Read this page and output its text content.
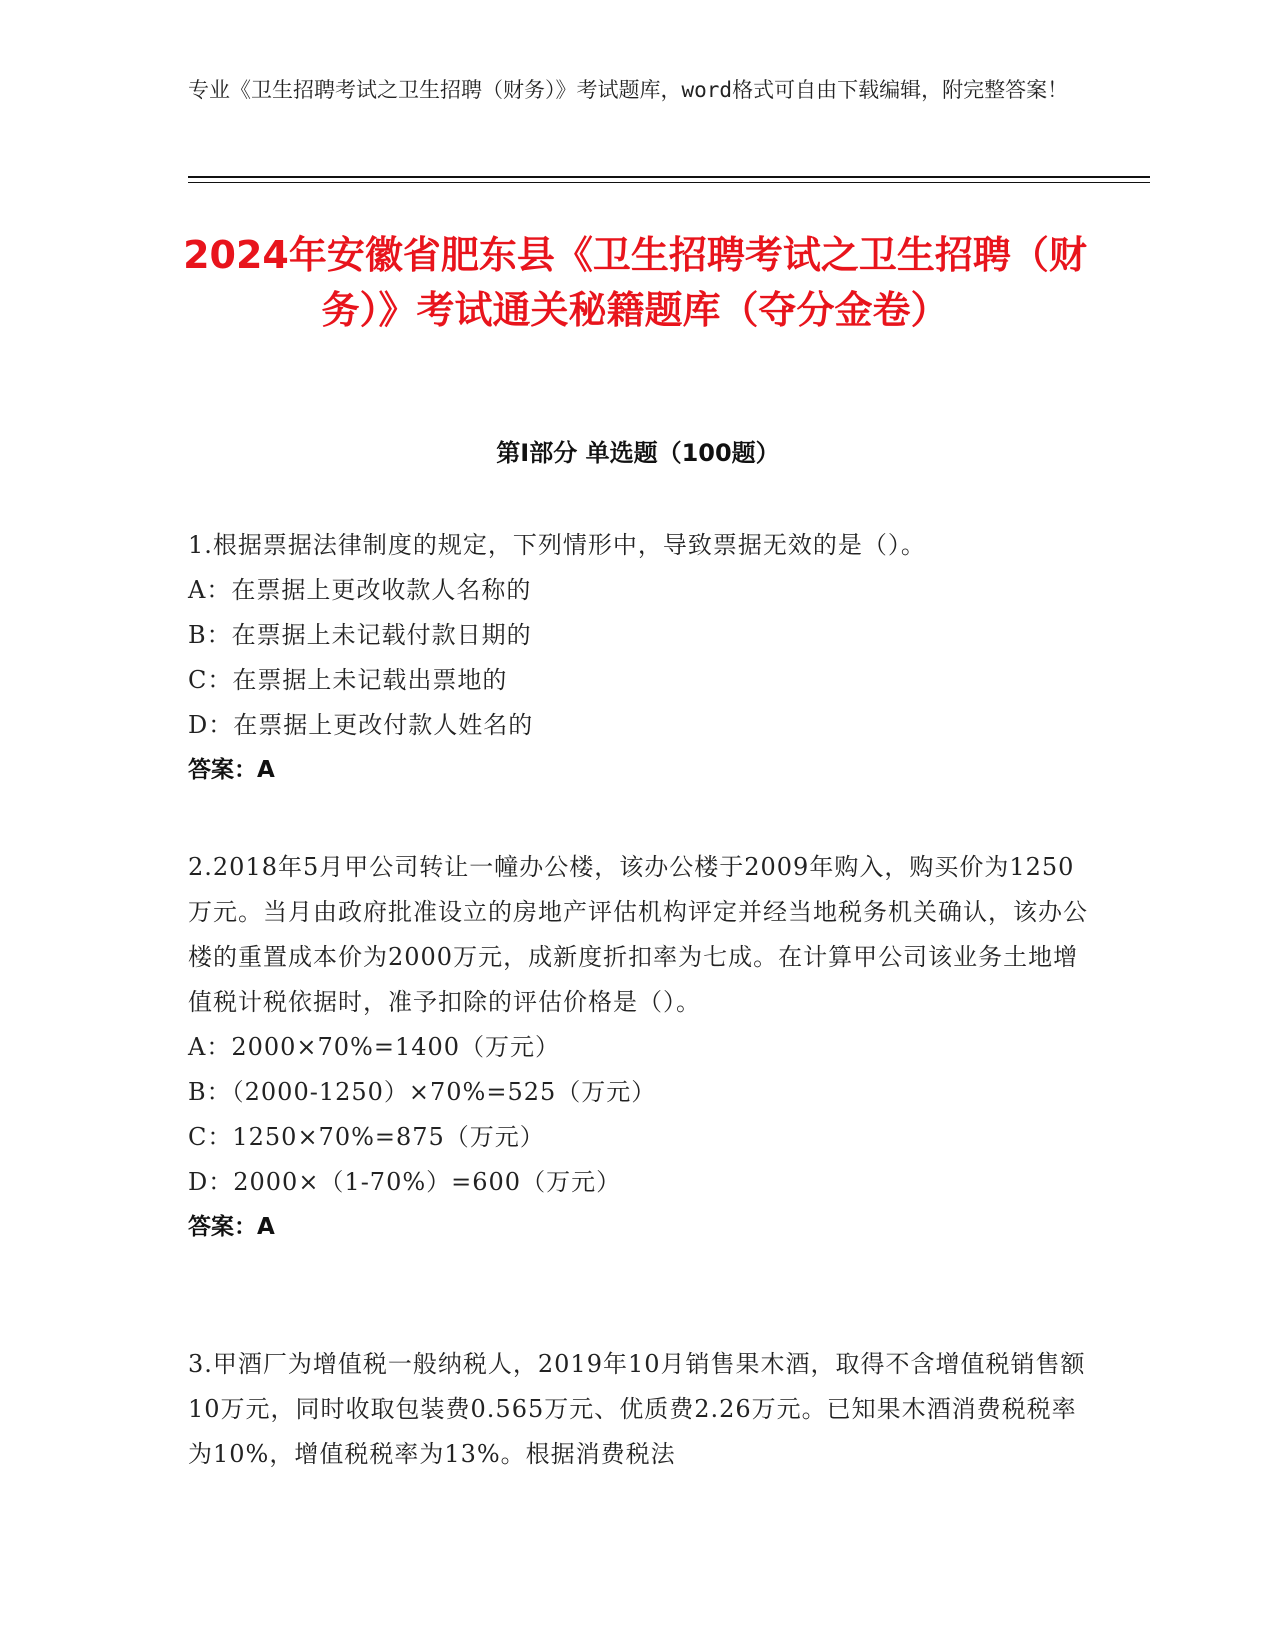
专业《卫生招聘考试之卫生招聘（财务）》考试题库，word格式可自由下载编辑，附完整答案！
2024年安徽省肥东县《卫生招聘考试之卫生招聘（财务）》考试通关秘籍题库（夺分金卷）
第Ⅰ部分 单选题（100题）
1.根据票据法律制度的规定，下列情形中，导致票据无效的是（）。
A：在票据上更改收款人名称的
B：在票据上未记载付款日期的
C：在票据上未记载出票地的
D：在票据上更改付款人姓名的
答案：A
2.2018年5月甲公司转让一幢办公楼，该办公楼于2009年购入，购买价为1250万元。当月由政府批准设立的房地产评估机构评定并经当地税务机关确认，该办公楼的重置成本价为2000万元，成新度折扣率为七成。在计算甲公司该业务土地增值税计税依据时，准予扣除的评估价格是（）。
A：2000×70%=1400（万元）
B：（2000-1250）×70%=525（万元）
C：1250×70%=875（万元）
D：2000×（1-70%）=600（万元）
答案：A
3.甲酒厂为增值税一般纳税人，2019年10月销售果木酒，取得不含增值税销售额10万元，同时收取包装费0.565万元、优质费2.26万元。已知果木酒消费税税率为10%，增值税税率为13%。根据消费税法
